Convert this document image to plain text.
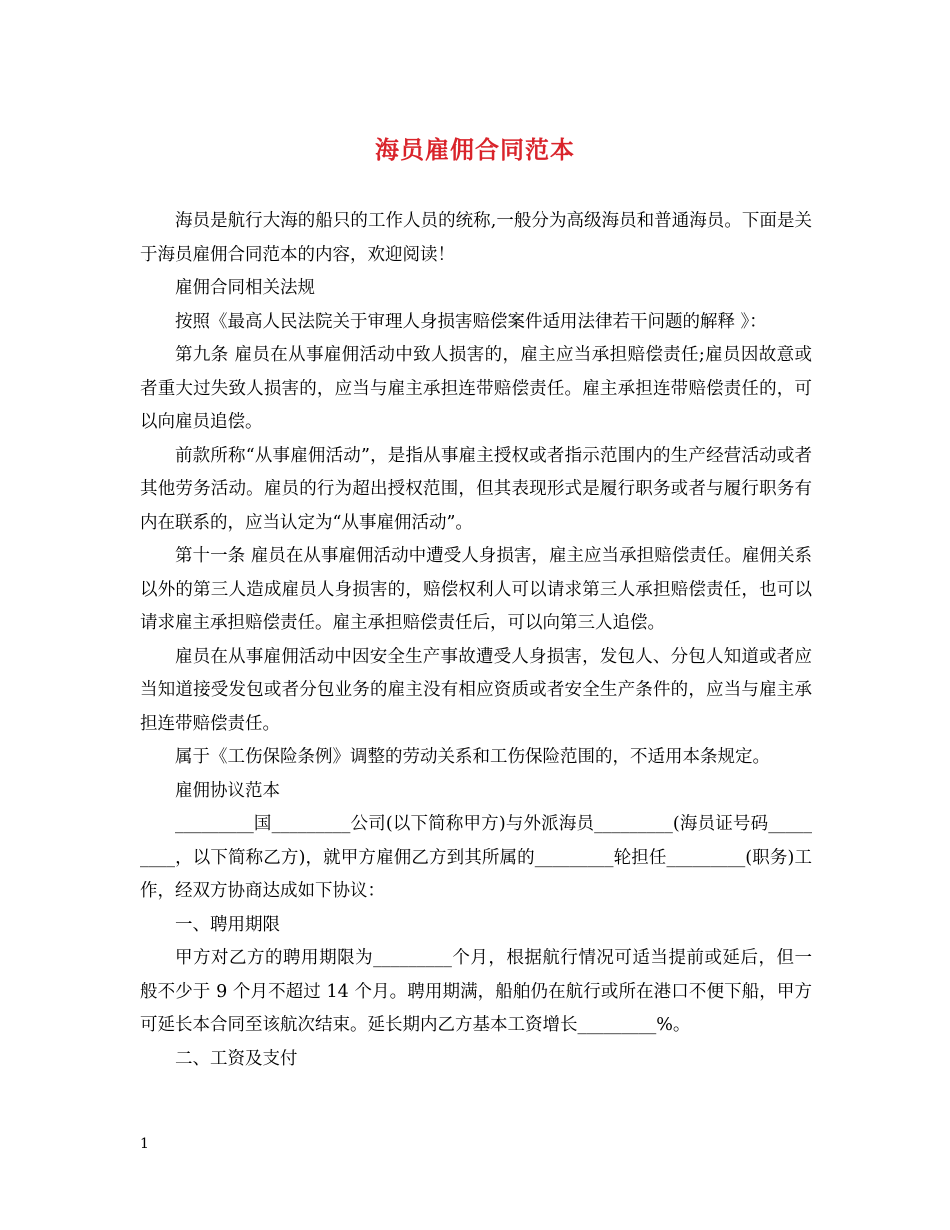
海员雇佣合同范本

海员是航行大海的船只的工作人员的统称,一般分为高级海员和普通海员。下面是关于海员雇佣合同范本的内容，欢迎阅读！

雇佣合同相关法规

按照《最高人民法院关于审理人身损害赔偿案件适用法律若干问题的解释 》：

第九条 雇员在从事雇佣活动中致人损害的，雇主应当承担赔偿责任;雇员因故意或者重大过失致人损害的，应当与雇主承担连带赔偿责任。雇主承担连带赔偿责任的，可以向雇员追偿。

前款所称“从事雇佣活动”，是指从事雇主授权或者指示范围内的生产经营活动或者其他劳务活动。雇员的行为超出授权范围，但其表现形式是履行职务或者与履行职务有内在联系的，应当认定为“从事雇佣活动”。

第十一条 雇员在从事雇佣活动中遭受人身损害，雇主应当承担赔偿责任。雇佣关系以外的第三人造成雇员人身损害的，赔偿权利人可以请求第三人承担赔偿责任，也可以请求雇主承担赔偿责任。雇主承担赔偿责任后，可以向第三人追偿。

雇员在从事雇佣活动中因安全生产事故遭受人身损害，发包人、分包人知道或者应当知道接受发包或者分包业务的雇主没有相应资质或者安全生产条件的，应当与雇主承担连带赔偿责任。

属于《工伤保险条例》调整的劳动关系和工伤保险范围的，不适用本条规定。

雇佣协议范本

_________国_________公司(以下简称甲方)与外派海员_________(海员证号码_________，以下简称乙方)，就甲方雇佣乙方到其所属的_________轮担任_________(职务)工作，经双方协商达成如下协议：

一、聘用期限

甲方对乙方的聘用期限为_________个月，根据航行情况可适当提前或延后，但一般不少于 9 个月不超过 14 个月。聘用期满，船舶仍在航行或所在港口不便下船，甲方可延长本合同至该航次结束。延长期内乙方基本工资增长_________%。

二、工资及支付

1
